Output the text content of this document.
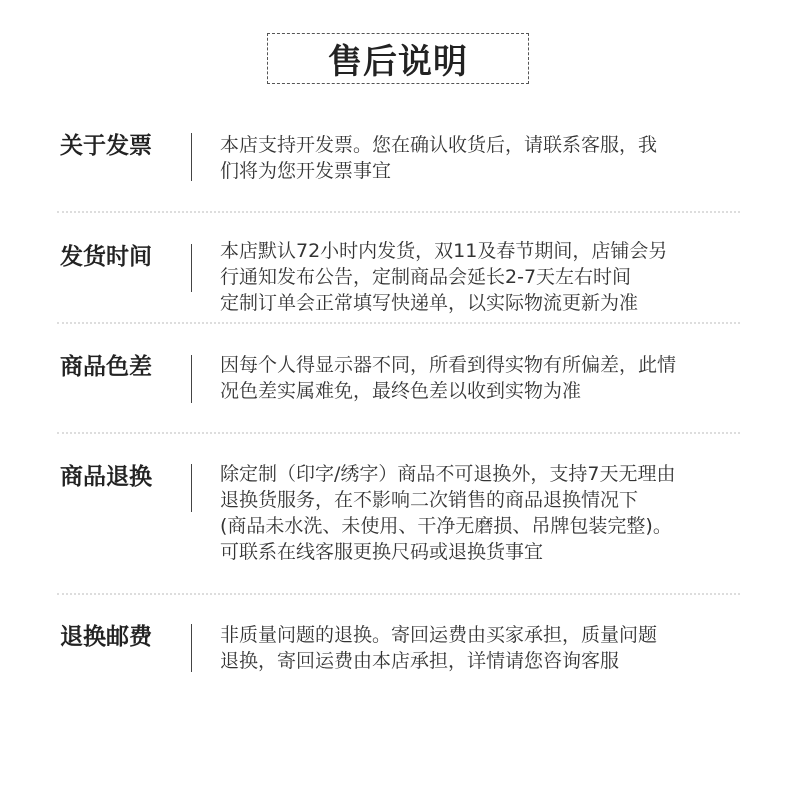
售后说明
关于发票	本店支持开发票。您在确认收货后，请联系客服，我
们将为您开发票事宜
发货时间	本店默认72小时内发货，双11及春节期间，店铺会另
行通知发布公告，定制商品会延长2-7天左右时间
定制订单会正常填写快递单，以实际物流更新为准
商品色差	因每个人得显示器不同，所看到得实物有所偏差，此情
况色差实属难免，最终色差以收到实物为准
商品退换	除定制（印字/绣字）商品不可退换外，支持7天无理由
退换货服务，在不影响二次销售的商品退换情况下
(商品未水洗、未使用、干净无磨损、吊牌包装完整)。
可联系在线客服更换尺码或退换货事宜
退换邮费	非质量问题的退换。寄回运费由买家承担，质量问题
退换，寄回运费由本店承担，详情请您咨询客服
